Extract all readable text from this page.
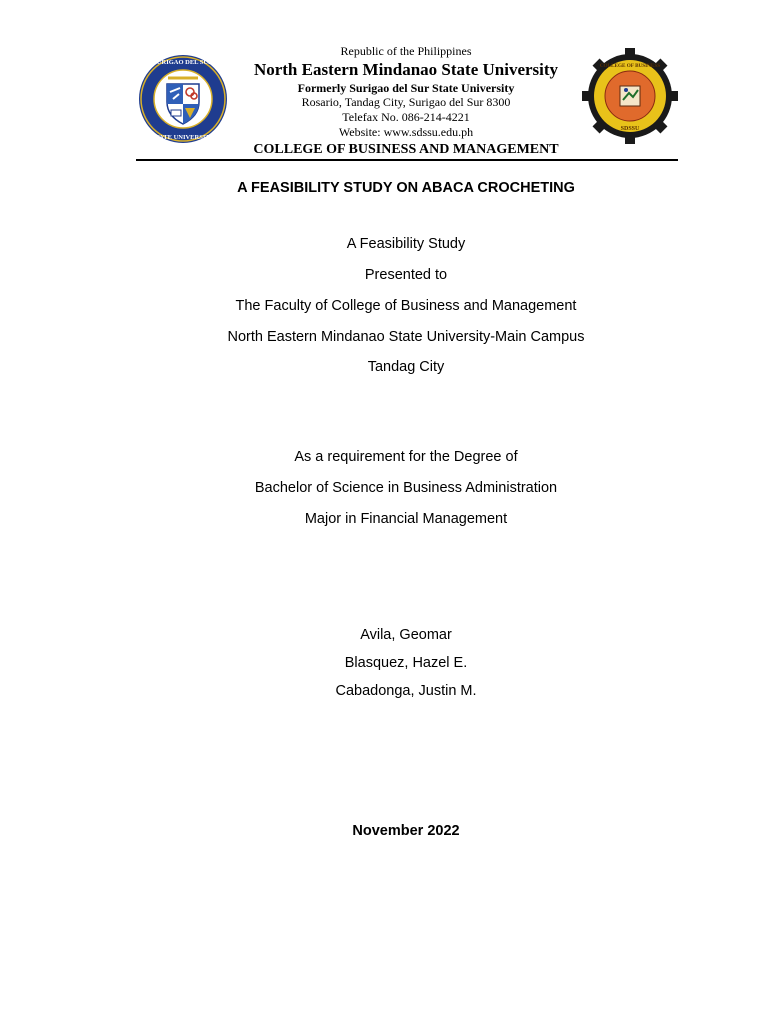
SURIGAO DEL SUR
STATE UNIVERSITY
Republic of the Philippines
North Eastern Mindanao State University
Formerly Surigao del Sur State University
Rosario, Tandag City, Surigao del Sur 8300
Telefax No. 086-214-4221
Website: www.sdssu.edu.ph
COLLEGE OF BUSINESS AND MANAGEMENT
COLLEGE OF BUSINESS
SDSSU
A FEASIBILITY STUDY ON ABACA CROCHETING
A Feasibility Study
Presented to
The Faculty of College of Business and Management
North Eastern Mindanao State University-Main Campus
Tandag City
As a requirement for the Degree of
Bachelor of Science in Business Administration
Major in Financial Management
Avila, Geomar
Blasquez, Hazel E.
Cabadonga, Justin M.
November 2022
